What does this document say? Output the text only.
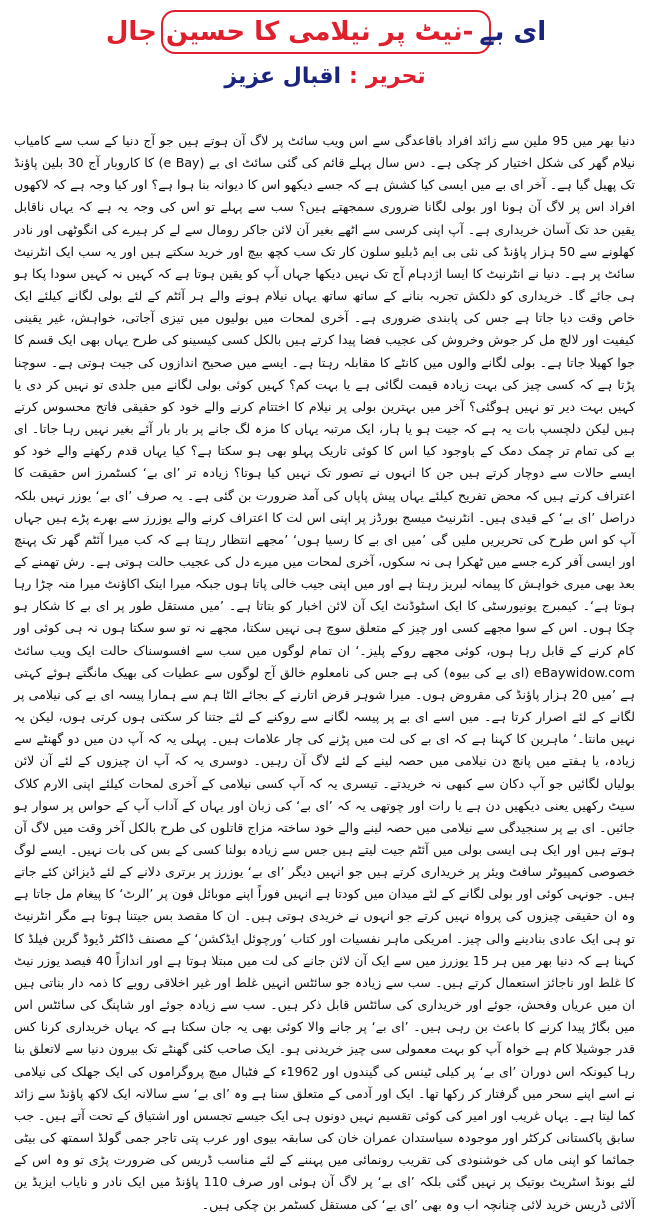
ای بے-نیٹ پر نیلامی کا حسین جال
تحریر
:
اقبال عزیز

دنیا بھر میں 95 ملین سے زائد افراد باقاعدگی سے اس ویب سائٹ پر لاگ آن ہوتے ہیں جو آج دنیا کے سب سے کامیاب نیلام گھر کی شکل اختیار کر چکی ہے۔ دس سال پہلے قائم کی گئی سائٹ ای بے (e Bay) کا کاروبار آج 30 بلین پاؤنڈ تک پھیل گیا ہے۔ آخر ای بے میں ایسی کیا کشش ہے کہ جسے دیکھو اس کا دیوانہ بنا ہوا ہے؟ اور کیا وجہ ہے کہ لاکھوں افراد اس پر لاگ آن ہونا اور بولی لگانا ضروری سمجھتے ہیں؟ سب سے پہلے تو اس کی وجہ یہ ہے کہ یہاں ناقابل یقین حد تک آسان خریداری ہے۔ آپ اپنی کرسی سے اٹھے بغیر آن لائن جاکر رومال سے لے کر ہیرے کی انگوٹھی اور نادر کھلونے سے 50 ہزار پاؤنڈ کی نئی بی ایم ڈبلیو سلون کار تک سب کچھ بیچ اور خرید سکتے ہیں اور یہ سب ایک انٹرنیٹ سائٹ پر ہے۔ دنیا نے انٹرنیٹ کا ایسا اژدہام آج تک نہیں دیکھا جہاں آپ کو یقین ہوتا ہے کہ کہیں نہ کہیں سودا پکا ہو ہی جائے گا۔ خریداری کو دلکش تجربہ بنانے کے ساتھ ساتھ یہاں نیلام ہونے والے ہر آئٹم کے لئے بولی لگانے کیلئے ایک خاص وقت دیا جاتا ہے جس کی پابندی ضروری ہے۔ آخری لمحات میں بولیوں میں تیزی آجاتی، خواہش، غیر یقینی کیفیت اور لالچ مل کر جوش وخروش کی عجیب فضا پیدا کرتے ہیں بالکل کسی کیسینو کی طرح یہاں بھی ایک قسم کا جوا کھیلا جاتا ہے۔ بولی لگانے والوں میں کانٹے کا مقابلہ رہتا ہے۔ ایسے میں صحیح اندازوں کی جیت ہوتی ہے۔ سوچنا پڑتا ہے کہ کسی چیز کی بہت زیادہ قیمت لگائی ہے یا بہت کم؟ کہیں کوئی بولی لگانے میں جلدی تو نہیں کر دی یا کہیں بہت دیر تو نہیں ہوگئی؟ آخر میں بہترین بولی پر نیلام کا اختتام کرنے والے خود کو حقیقی فاتح محسوس کرتے ہیں لیکن دلچسپ بات یہ ہے کہ جیت ہو یا ہار، ایک مرتبہ یہاں کا مزہ لگ جانے پر بار بار آئے بغیر نہیں رہا جاتا۔ ای بے کی تمام تر چمک دمک کے باوجود کیا اس کا کوئی تاریک پہلو بھی ہو سکتا ہے؟ کیا یہاں قدم رکھنے والے خود کو ایسے حالات سے دوچار کرتے ہیں جن کا انہوں نے تصور تک نہیں کیا ہوتا؟ زیادہ تر ’ای بے‘ کسٹمرز اس حقیقت کا اعتراف کرتے ہیں کہ محض تفریح کیلئے یہاں پیش پاپاں کی آمد ضرورت بن گئی ہے۔ یہ صرف ’ای بے‘ یوزر نہیں بلکہ دراصل ’ای بے‘ کے قیدی ہیں۔ انٹرنیٹ میسج بورڈز پر اپنی اس لت کا اعتراف کرنے والے یوزرز سے بھرے پڑے ہیں جہاں آپ کو اس طرح کی تحریریں ملیں گی ’میں ای بے کا رسیا ہوں‘ ’مجھے انتظار رہتا ہے کہ کب میرا آئٹم گھر تک پہنچ اور ایسی آفر کرے جسے میں ٹھکرا ہی نہ سکوں، آخری لمحات میں میرے دل کی عجیب حالت ہوتی ہے۔ رش تھمنے کے بعد بھی میری خواہش کا پیمانہ لبریز رہتا ہے اور میں اپنی جیب خالی پاتا ہوں جبکہ میرا اینک اکاؤنٹ میرا منہ چڑا رہا ہوتا ہے‘۔ کیمبرج یونیورسٹی کا ایک اسٹوڈنٹ ایک آن لائن اخبار کو بتاتا ہے۔ ’میں مستقل طور پر ای بے کا شکار ہو چکا ہوں۔ اس کے سوا مجھے کسی اور چیز کے متعلق سوچ ہی نہیں سکتا، مجھے نہ تو سو سکتا ہوں نہ ہی کوئی اور کام کرنے کے قابل رہا ہوں، کوئی مجھے روکے پلیز۔‘ ان تمام لوگوں میں سب سے افسوسناک حالت ایک ویب سائٹ eBaywidow.com (ای بے کی بیوہ) کی ہے جس کی نامعلوم خالق آج لوگوں سے عطیات کی بھیک مانگتے ہوئے کہتی ہے ’میں 20 ہزار پاؤنڈ کی مقروض ہوں۔ میرا شوہر قرض اتارنے کے بجائے الٹا ہم سے ہمارا پیسہ ای بے کی نیلامی پر لگانے کے لئے اصرار کرتا ہے۔ میں اسے ای بے پر پیسہ لگانے سے روکنے کے لئے جتنا کر سکتی ہوں کرتی ہوں، لیکن یہ نہیں مانتا۔‘ ماہرین کا کہنا ہے کہ ای بے کی لت میں پڑنے کی چار علامات ہیں۔ پہلی یہ کہ آپ دن میں دو گھنٹے سے زیادہ، یا ہفتے میں پانچ دن نیلامی میں حصہ لینے کے لئے لاگ آن رہیں۔ دوسری یہ کہ آپ ان چیزوں کے لئے آن لائن بولیاں لگائیں جو آپ دکان سے کبھی نہ خریدتے۔ تیسری یہ کہ آپ کسی نیلامی کے آخری لمحات کیلئے اپنی الارم کلاک سیٹ رکھیں یعنی دیکھیں دن ہے یا رات اور چوتھی یہ کہ ’ای بے‘ کی زبان اور یہاں کے آداب آپ کے حواس پر سوار ہو جائیں۔ ای بے پر سنجیدگی سے نیلامی میں حصہ لینے والے خود ساختہ مزاج قاتلوں کی طرح بالکل آخر وقت میں لاگ آن ہوتے ہیں اور ایک ہی ایسی بولی میں آئٹم جیت لیتے ہیں جس سے زیادہ بولنا کسی کے بس کی بات نہیں۔ ایسے لوگ خصوصی کمپیوٹر سافٹ ویئر پر خریداری کرتے ہیں جو انہیں دیگر ’ای بے‘ یوزرز پر برتری دلانے کے لئے ڈیزائن کئے جاتے ہیں۔ جونہی کوئی اور بولی لگانے کے لئے میدان میں کودتا ہے انہیں فوراً اپنے موبائل فون پر ’الرٹ‘ کا پیغام مل جاتا ہے وہ ان حقیقی چیزوں کی پرواہ نہیں کرتے جو انہوں نے خریدی ہوتی ہیں۔ ان کا مقصد بس جیتنا ہوتا ہے مگر انٹرنیٹ تو ہی ایک عادی بنادینے والی چیز۔ امریکی ماہر نفسیات اور کتاب ’ورچوئل ایڈکشن‘ کے مصنف ڈاکٹر ڈیوڈ گرین فیلڈ کا کہنا ہے کہ دنیا بھر میں ہر 15 یوزرز میں سے ایک آن لائن جانے کی لت میں مبتلا ہوتا ہے اور اندازاً 40 فیصد یوزر نیٹ کا غلط اور ناجائز استعمال کرتے ہیں۔ سب سے زیادہ جو سائٹس انہیں غلط اور غیر اخلاقی رویے کا ذمہ دار بناتی ہیں ان میں عریاں وفحش، جوئے اور خریداری کی سائٹس قابل ذکر ہیں۔ سب سے زیادہ جوئے اور شاپنگ کی سائٹس اس میں بگاڑ پیدا کرنے کا باعث بن رہی ہیں۔ ’ای بے‘ پر جانے والا کوئی بھی یہ جان سکتا ہے کہ یہاں خریداری کرنا کس قدر جوشیلا کام ہے خواہ آپ کو بہت معمولی سی چیز خریدنی ہو۔ ایک صاحب کئی گھنٹے تک بیرون دنیا سے لاتعلق بنا رہا کیونکہ اس دوران ’ای بے‘ پر کیلی ٹینس کی گیندوں اور 1962ء کے فٹبال میچ پروگراموں کی ایک جھلک کی نیلامی نے اسے اپنے سحر میں گرفتار کر رکھا تھا۔ ایک اور آدمی کے متعلق سنا ہے وہ ’ای بے‘ سے سالانہ ایک لاکھ پاؤنڈ سے زائد کما لیتا ہے۔ یہاں غریب اور امیر کی کوئی تقسیم نہیں دونوں ہی ایک جیسے تجسس اور اشتیاق کے تحت آتے ہیں۔ جب سابق پاکستانی کرکٹر اور موجودہ سیاستدان عمران خان کی سابقہ بیوی اور عرب پتی تاجر جمی گولڈ اسمتھ کی بیٹی جمائما کو اپنی ماں کی خوشنودی کی تقریب رونمائی میں پہننے کے لئے مناسب ڈریس کی ضرورت پڑی تو وہ اس کے لئے بونڈ اسٹریٹ بوتیک پر نہیں گئی بلکہ ’ای بے‘ پر لاگ آن ہوئی اور صرف 110 پاؤنڈ میں ایک نادر و نایاب ایزیڈ ین آلائی ڈریس خرید لائی چنانچہ اب وہ بھی ’ای بے‘ کی مستقل کسٹمر بن چکی ہیں۔
